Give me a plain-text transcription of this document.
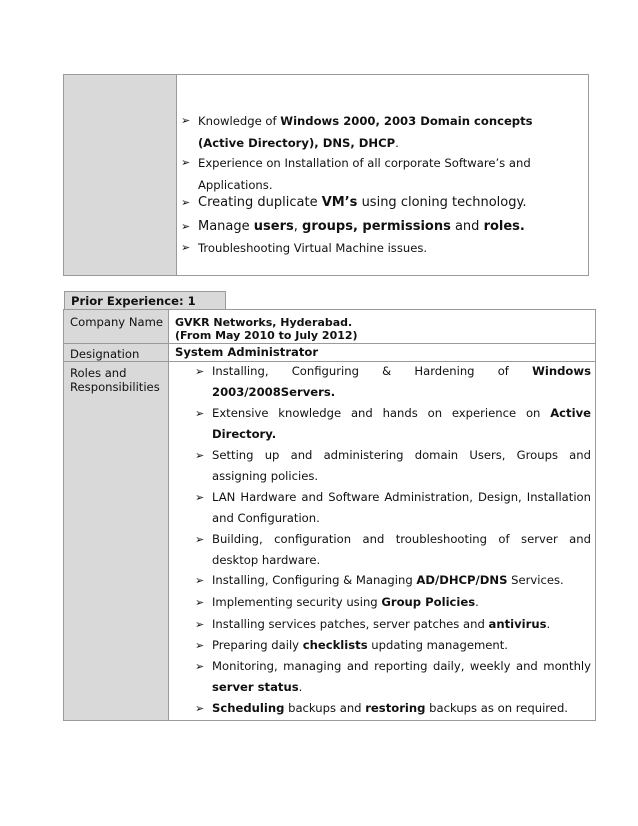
➢ Knowledge of Windows 2000, 2003 Domain concepts (Active Directory), DNS, DHCP.

➢ Experience on Installation of all corporate Software’s and Applications.

➢ Creating duplicate VM’s using cloning technology.

➢ Manage users, groups, permissions and roles.

➢ Troubleshooting Virtual Machine issues.

Prior Experience: 1
Company Name GVKR Networks, Hyderabad.
(From May 2010 to July 2012)
Designation	System Administrator
Roles and Responsibilities

➢ Installing, Configuring & Hardening of Windows 2003/2008Servers.

➢ Extensive knowledge and hands on experience on Active Directory.

➢ Setting up and administering domain Users, Groups and assigning policies.

➢ LAN Hardware and Software Administration, Design, Installation and Configuration.

➢ Building, configuration and troubleshooting of server and desktop hardware.

➢ Installing, Configuring & Managing AD/DHCP/DNS Services.

➢ Implementing security using Group Policies.

➢ Installing services patches, server patches and antivirus.

➢ Preparing daily checklists updating management.

➢ Monitoring, managing and reporting daily, weekly and monthly server status.

➢ Scheduling backups and restoring backups as on required.
